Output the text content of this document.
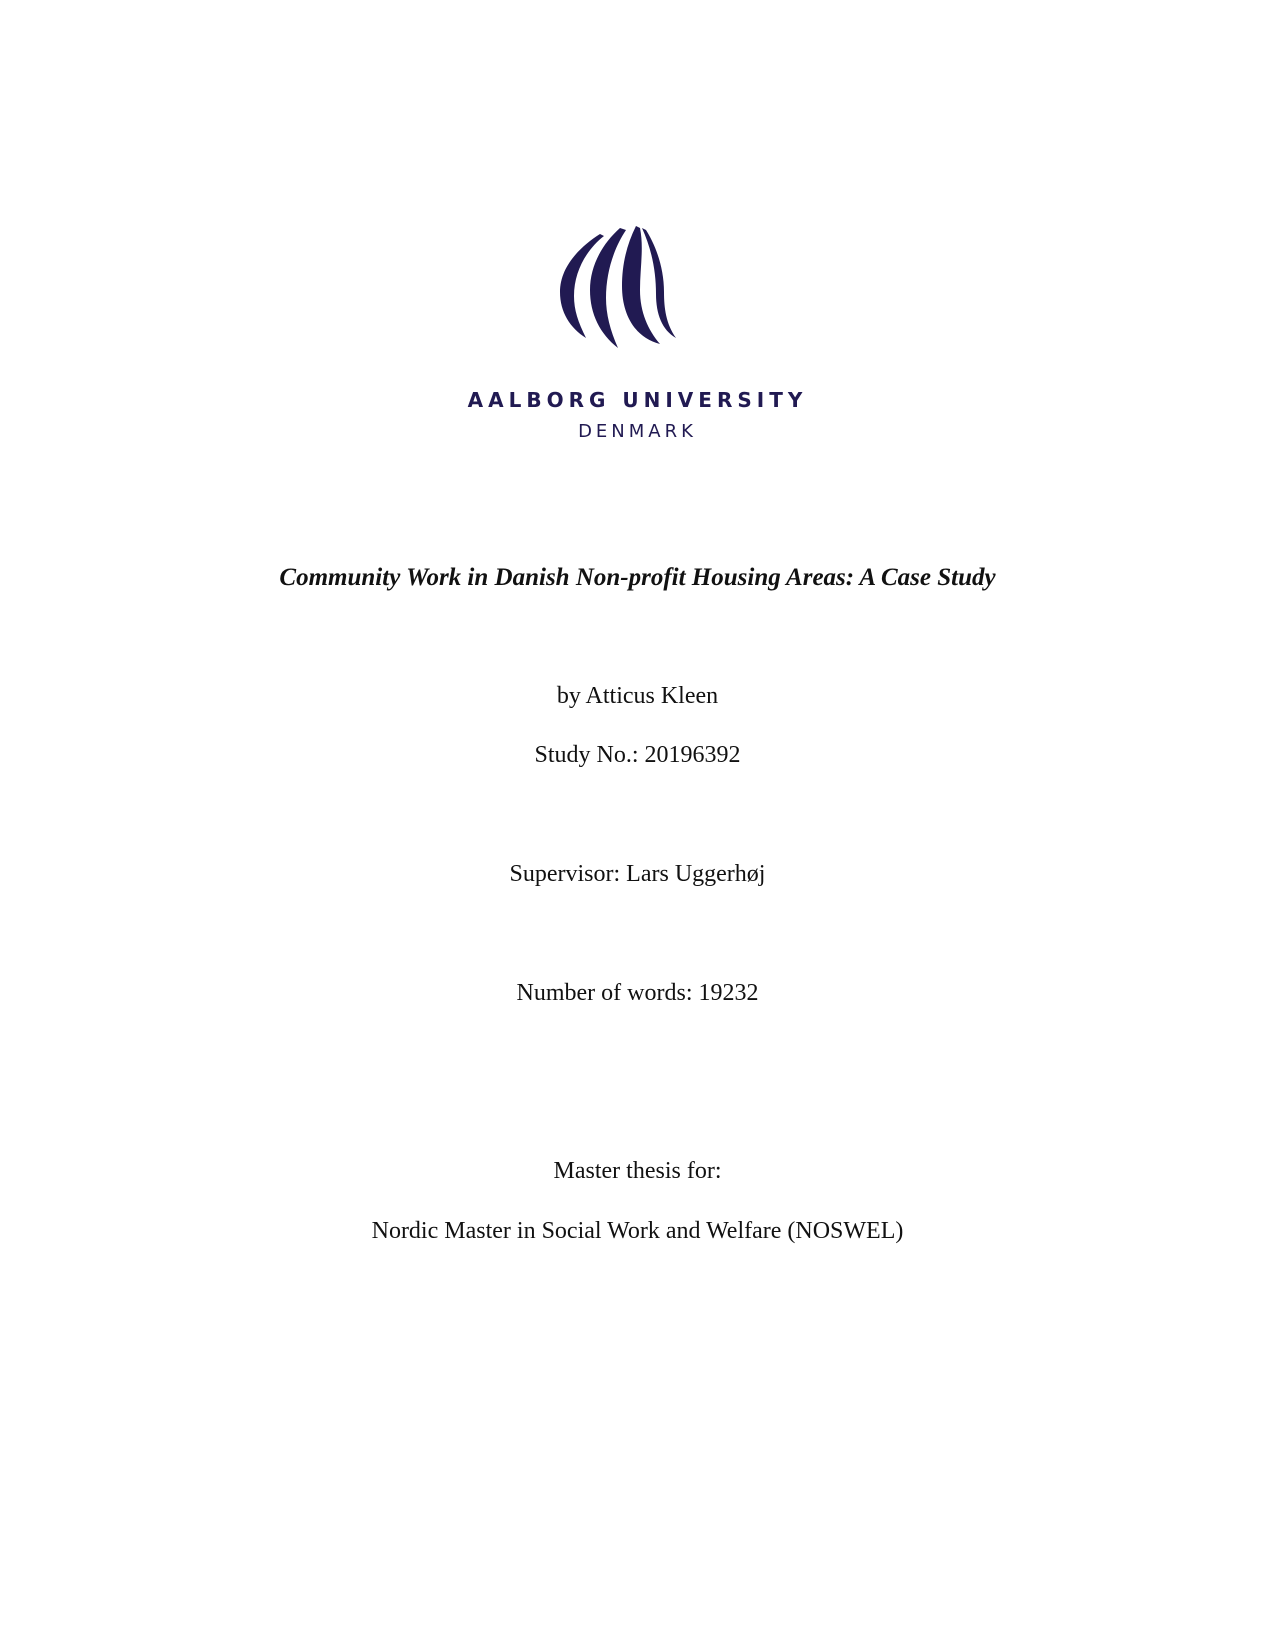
AALBORG UNIVERSITY
DENMARK
Community Work in Danish Non-profit Housing Areas: A Case Study
by Atticus Kleen
Study No.: 20196392
Supervisor: Lars Uggerhøj
Number of words: 19232
Master thesis for:
Nordic Master in Social Work and Welfare (NOSWEL)
